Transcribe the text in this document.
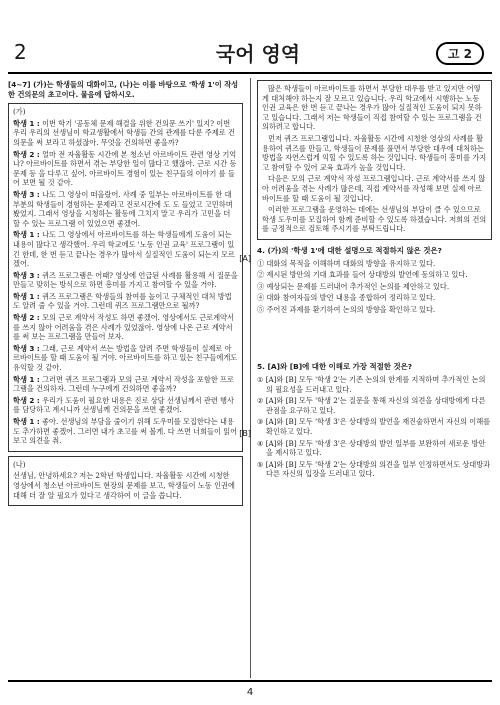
2	국어 영역	고 2
[4~7] (가)는 학생들의 대화이고, (나)는 이를 바탕으로 '학생 1'이 작성한 건의문의 초고이다. 물음에 답하시오.
(가)
학생 1 : 이번 학기 '공동체 문제 해결을 위한 건의문 쓰기' 있지? 이번 우리 우리의 선생님이 학교생활에서 학생들 간의 관계를 다룬 주제로 건의문을 써 보라고 하셨잖아. 무엇을 건의하면 좋을까?
학생 2 : 얼마 전 자율활동 시간에 본 청소년 아르바이트 관련 영상 기억나? 아르바이트를 하면서 겪는 부당한 일이 많다고 했잖아. 근로 시간 등 문제 등 을 다루고 싶어. 아르바이트 경험이 있는 친구들의 이야기 를 들어 보면 될 것 같아.
학생 3 : 나도 그 영상이 떠올랐어. 사례 중 일부는 아르바이트를 한 대부분의 학생들이 경험하는 문제라고 진로시간에 도 도 들었고 고민하며 봤었지. 그래서 영상을 시청하는 활동에 그치지 말고 우리가 고민을 더 할 수 있는 프로그램 이 있었으면 좋겠어.
학생 1 : 나도 그 영상에서 아르바이트를 하는 학생들에게 도움이 되는 내용이 많다고 생각했어. 우리 학교에도 '노동 인권 교육' 프로그램이 있긴 한데, 한 번 듣고 끝나는 경우가 많아서 실질적인 도움이 되는지 모르겠어.
학생 3 : 퀴즈 프로그램은 어때? 영상에 언급된 사례를 활용해 서 질문을 만들고 맞히는 방식으로 하면 흥미를 가지고 참여할 수 있을 거야.
학생 1 : 퀴즈 프로그램은 학생들의 참여를 높이고 구체적인 대처 방법도 알려 줄 수 있을 거야. 그런데 퀴즈 프로그램만으로 될까?
학생 2 : 모의 근로 계약서 작성도 하면 좋겠어. 영상에서도 근로계약서를 쓰지 않아 어려움을 겪은 사례가 있었잖아. 영상에 나온 근로 계약서를 써 보는 프로그램을 만들어 보자.
학생 3 : 그래, 근로 계약서 쓰는 방법을 알려 주면 학생들이 실제로 아르바이트를 할 때 도움이 될 거야. 아르바이트를 하고 있는 친구들에게도 유익할 것 같아.
학생 1 : 그러면 퀴즈 프로그램과 모의 근로 계약서 작성을 포함한 프로그램을 건의하자. 그런데 누구에게 건의하면 좋을까?
학생 2 : 우리가 도움이 필요한 내용은 진로 상담 선생님께서 관련 행사를 담당하고 계시니까 선생님께 건의문을 쓰면 좋겠어.
학생 1 : 좋아. 선생님의 부담을 줄이기 위해 도우미를 모집한다는 내용도 추가하면 좋겠어. 그러면 내가 초고를 써 볼게. 다 쓰면 너희들이 읽어 보고 의견을 줘.
[A]
[B]
(나)
선생님, 안녕하세요? 저는 2학년 학생입니다. 자율활동 시간에 시청한 영상에서 청소년 아르바이트 현장의 문제를 보고, 학생들이 노동 인권에 대해 더 잘 알 필요가 있다고 생각하여 이 글을 씁니다.
많은 학생들이 아르바이트를 하면서 부당한 대우를 받고 있지만 어떻게 대처해야 하는지 잘 모르고 있습니다. 우리 학교에서 시행하는 노동 인권 교육은 한 번 듣고 끝나는 경우가 많아 실질적인 도움이 되지 못하고 있습니다. 그래서 저는 학생들이 직접 참여할 수 있는 프로그램을 건의하려고 합니다.
먼저 퀴즈 프로그램입니다. 자율활동 시간에 시청한 영상의 사례를 활용하여 퀴즈를 만들고, 학생들이 문제를 풀면서 부당한 대우에 대처하는 방법을 자연스럽게 익힐 수 있도록 하는 것입니다. 학생들이 흥미를 가지고 참여할 수 있어 교육 효과가 높을 것입니다.
다음은 모의 근로 계약서 작성 프로그램입니다. 근로 계약서를 쓰지 않아 어려움을 겪는 사례가 많은데, 직접 계약서를 작성해 보면 실제 아르바이트를 할 때 도움이 될 것입니다.
이러한 프로그램을 운영하는 데에는 선생님의 부담이 클 수 있으므로 학생 도우미를 모집하여 함께 준비할 수 있도록 하겠습니다. 저희의 건의를 긍정적으로 검토해 주시기를 부탁드립니다.
4. (가)의 '학생 1'에 대한 설명으로 적절하지 않은 것은?
① 대화의 목적을 이해하며 대화의 방향을 유지하고 있다.
② 제시된 방안의 기대 효과를 들어 상대방의 발언에 동의하고 있다.
③ 예상되는 문제를 드러내어 추가적인 논의를 제안하고 있다.
④ 대화 참여자들의 발언 내용을 종합하여 정리하고 있다.
⑤ 주어진 과제를 환기하여 논의의 방향을 확인하고 있다.
5. [A]와 [B]에 대한 이해로 가장 적절한 것은?
① [A]와 [B] 모두 '학생 2'는 기존 논의의 한계를 지적하며 추가적인 논의의 필요성을 드러내고 있다.
② [A]와 [B] 모두 '학생 2'는 질문을 통해 자신의 의견을 상대방에게 다른 관점을 요구하고 있다.
③ [A]와 [B] 모두 '학생 3'은 상대방의 발언을 재진술하면서 자신의 이해를 확인하고 있다.
④ [A]와 [B] 모두 '학생 3'은 상대방의 발언 일부를 보완하여 새로운 방안을 제시하고 있다.
⑤ [A]와 [B] 모두 '학생 2'는 상대방의 의견을 일부 인정하면서도 상대방과 다른 자신의 입장을 드러내고 있다.
4
